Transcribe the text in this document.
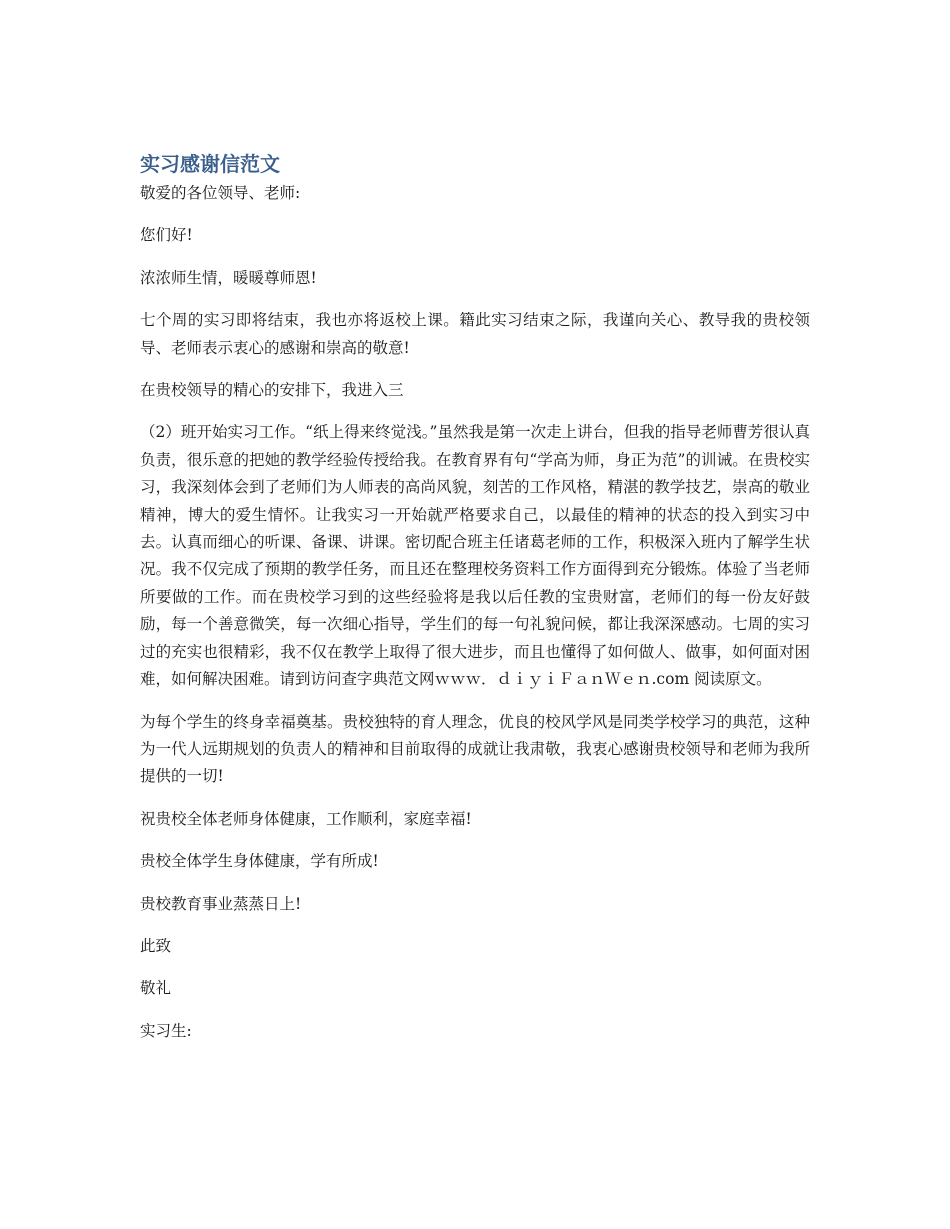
实习感谢信范文

敬爱的各位领导、老师:

您们好!

浓浓师生情，暖暖尊师恩!

七个周的实习即将结束，我也亦将返校上课。籍此实习结束之际，我谨向关心、教导我的贵校领导、老师表示衷心的感谢和崇高的敬意!

在贵校领导的精心的安排下，我进入三

（2）班开始实习工作。“纸上得来终觉浅。”虽然我是第一次走上讲台，但我的指导老师曹芳很认真负责，很乐意的把她的教学经验传授给我。在教育界有句“学高为师，身正为范”的训诫。在贵校实习，我深刻体会到了老师们为人师表的高尚风貌，刻苦的工作风格，精湛的教学技艺，崇高的敬业精神，博大的爱生情怀。让我实习一开始就严格要求自己，以最佳的精神的状态的投入到实习中去。认真而细心的听课、备课、讲课。密切配合班主任诸葛老师的工作，积极深入班内了解学生状况。我不仅完成了预期的教学任务，而且还在整理校务资料工作方面得到充分锻炼。体验了当老师所要做的工作。而在贵校学习到的这些经验将是我以后任教的宝贵财富，老师们的每一份友好鼓励，每一个善意微笑，每一次细心指导，学生们的每一句礼貌问候，都让我深深感动。七周的实习过的充实也很精彩，我不仅在教学上取得了很大进步，而且也懂得了如何做人、做事，如何面对困难，如何解决困难。请到访问查字典范文网ｗｗｗ．ｄｉｙｉＦａｎＷｅｎ.com 阅读原文。

为每个学生的终身幸福奠基。贵校独特的育人理念，优良的校风学风是同类学校学习的典范，这种为一代人远期规划的负责人的精神和目前取得的成就让我肃敬，我衷心感谢贵校领导和老师为我所提供的一切!

祝贵校全体老师身体健康，工作顺利，家庭幸福!

贵校全体学生身体健康，学有所成!

贵校教育事业蒸蒸日上!

此致

敬礼

实习生:
